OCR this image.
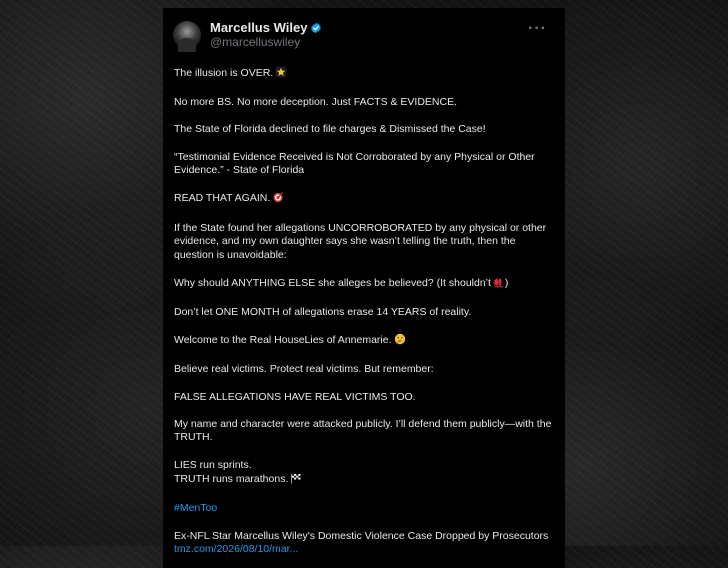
Marcellus Wiley
@marcelluswiley
···

The illusion is OVER.

No more BS. No more deception. Just FACTS & EVIDENCE.

The State of Florida declined to file charges & Dismissed the Case!

“Testimonial Evidence Received is Not Corroborated by any Physical or Other Evidence.” - State of Florida

READ THAT AGAIN.

If the State found her allegations UNCORROBORATED by any physical or other evidence, and my own daughter says she wasn’t telling the truth, then the question is unavoidable:

Why should ANYTHING ELSE she alleges be believed? (It shouldn’t )

Don’t let ONE MONTH of allegations erase 14 YEARS of reality.

Welcome to the Real HouseLies of Annemarie.

Believe real victims. Protect real victims. But remember:

FALSE ALLEGATIONS HAVE REAL VICTIMS TOO.

My name and character were attacked publicly. I’ll defend them publicly—with the TRUTH.

LIES run sprints.
TRUTH runs marathons.

#MenToo

Ex-NFL Star Marcellus Wiley's Domestic Violence Case Dropped by Prosecutors
tmz.com/2026/08/10/mar...
